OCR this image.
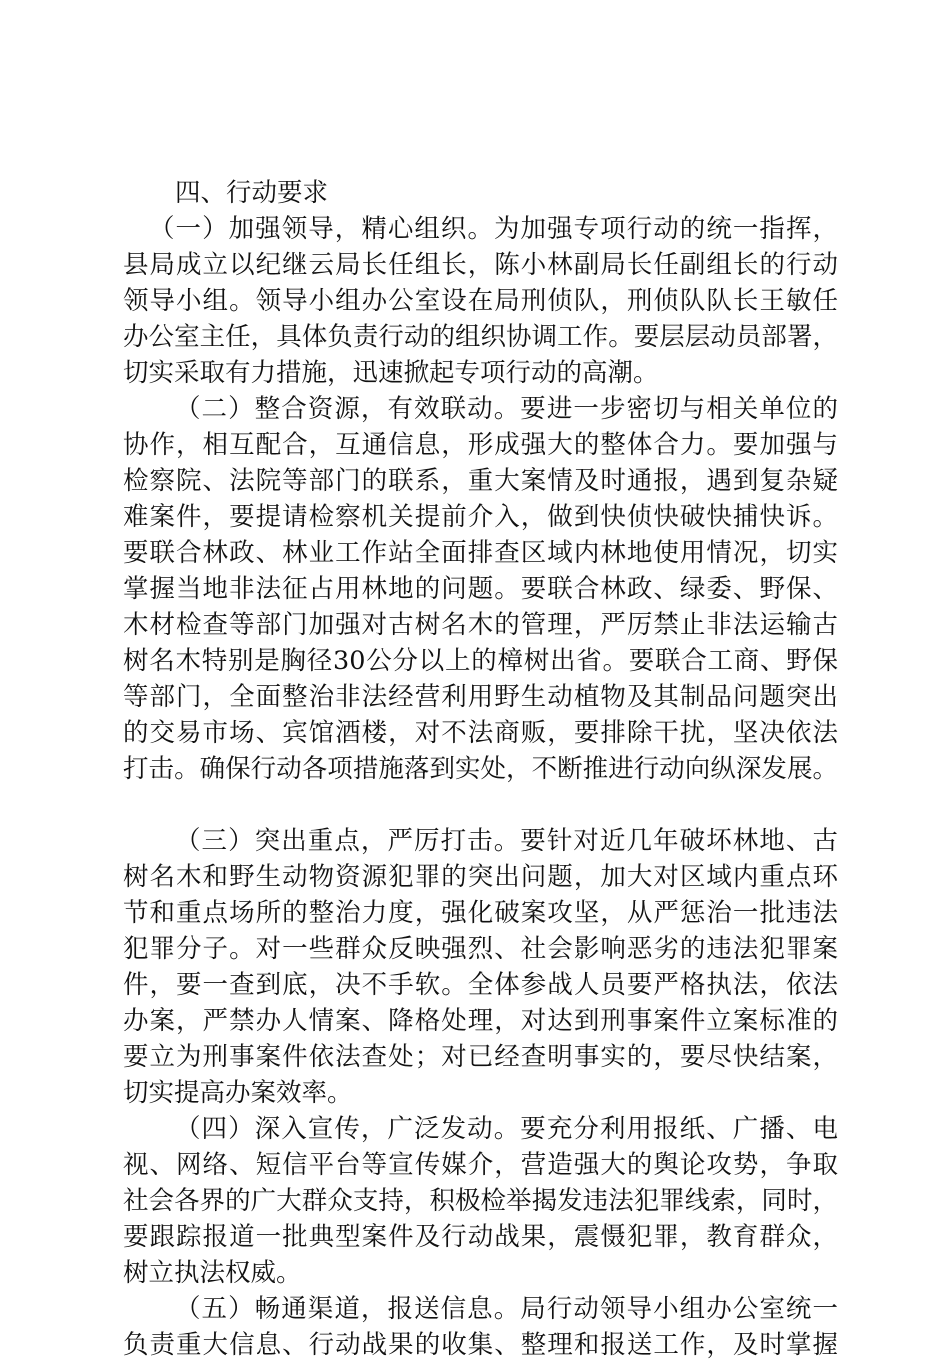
四、行动要求
（一）加强领导，精心组织。为加强专项行动的统一指挥，
县局成立以纪继云局长任组长，陈小林副局长任副组长的行动
领导小组。领导小组办公室设在局刑侦队，刑侦队队长王敏任
办公室主任，具体负责行动的组织协调工作。要层层动员部署，
切实采取有力措施，迅速掀起专项行动的高潮。
（二）整合资源，有效联动。要进一步密切与相关单位的
协作，相互配合，互通信息，形成强大的整体合力。要加强与
检察院、法院等部门的联系，重大案情及时通报，遇到复杂疑
难案件，要提请检察机关提前介入，做到快侦快破快捕快诉。
要联合林政、林业工作站全面排查区域内林地使用情况，切实
掌握当地非法征占用林地的问题。要联合林政、绿委、野保、
木材检查等部门加强对古树名木的管理，严厉禁止非法运输古
树名木特别是胸径30公分以上的樟树出省。要联合工商、野保
等部门，全面整治非法经营利用野生动植物及其制品问题突出
的交易市场、宾馆酒楼，对不法商贩，要排除干扰，坚决依法
打击。确保行动各项措施落到实处，不断推进行动向纵深发展。
（三）突出重点，严厉打击。要针对近几年破坏林地、古
树名木和野生动物资源犯罪的突出问题，加大对区域内重点环
节和重点场所的整治力度，强化破案攻坚，从严惩治一批违法
犯罪分子。对一些群众反映强烈、社会影响恶劣的违法犯罪案
件，要一查到底，决不手软。全体参战人员要严格执法，依法
办案，严禁办人情案、降格处理，对达到刑事案件立案标准的
要立为刑事案件依法查处；对已经查明事实的，要尽快结案，
切实提高办案效率。
（四）深入宣传，广泛发动。要充分利用报纸、广播、电
视、网络、短信平台等宣传媒介，营造强大的舆论攻势，争取
社会各界的广大群众支持，积极检举揭发违法犯罪线索，同时，
要跟踪报道一批典型案件及行动战果，震慑犯罪，教育群众，
树立执法权威。
（五）畅通渠道，报送信息。局行动领导小组办公室统一
负责重大信息、行动战果的收集、整理和报送工作，及时掌握
